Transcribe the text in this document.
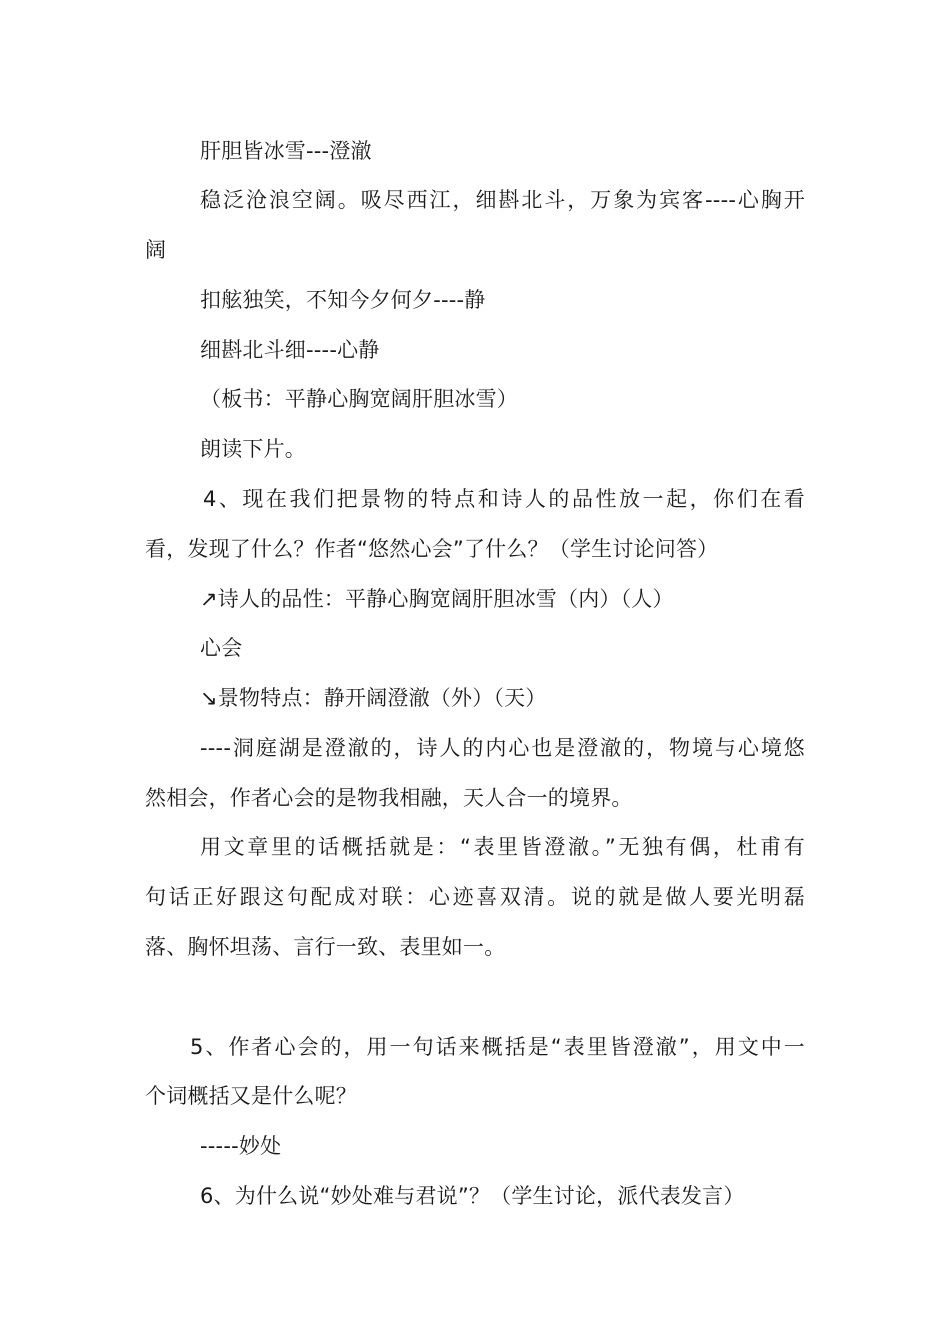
肝胆皆冰雪---澄澈
稳泛沧浪空阔。吸尽西江，细斟北斗，万象为宾客----心胸开
阔
扣舷独笑，不知今夕何夕----静
细斟北斗细----心静
（板书：平静心胸宽阔肝胆冰雪）
朗读下片。
4、现在我们把景物的特点和诗人的品性放一起，你们在看
看，发现了什么？作者“悠然心会”了什么？（学生讨论问答）
↗诗人的品性：平静心胸宽阔肝胆冰雪（内）（人）
心会
↘景物特点：静开阔澄澈（外）（天）
----洞庭湖是澄澈的，诗人的内心也是澄澈的，物境与心境悠
然相会，作者心会的是物我相融，天人合一的境界。
用文章里的话概括就是：“表里皆澄澈。”无独有偶，杜甫有
句话正好跟这句配成对联：心迹喜双清。说的就是做人要光明磊
落、胸怀坦荡、言行一致、表里如一。
5、作者心会的，用一句话来概括是“表里皆澄澈”，用文中一
个词概括又是什么呢？
-----妙处
6、为什么说“妙处难与君说”？（学生讨论，派代表发言）
